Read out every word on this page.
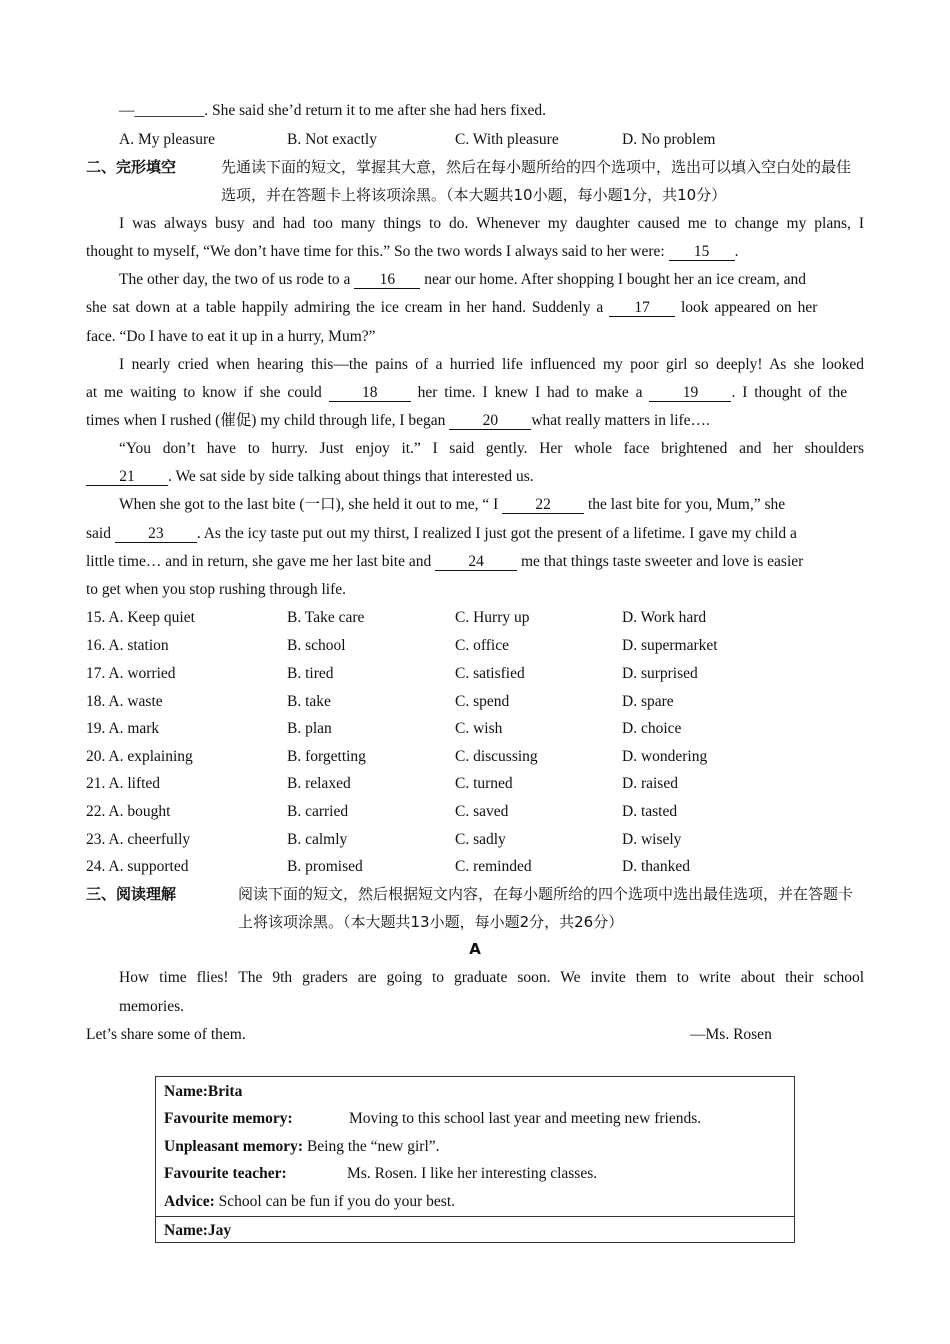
—_________. She said she’d return it to me after she had hers fixed.
A. My pleasure	B. Not exactly	C. With pleasure	D. No problem
二、完形填空	先通读下面的短文，掌握其大意，然后在每小题所给的四个选项中，选出可以填入空白处的最佳选项，并在答题卡上将该项涂黑。（本大题共10小题，每小题1分，共10分）
I was always busy and had too many things to do. Whenever my daughter caused me to change my plans, I
thought to myself, “We don’t have time for this.” So the two words I always said to her were: 15 .
The other day, the two of us rode to a 16 near our home. After shopping I bought her an ice cream, and
she sat down at a table happily admiring the ice cream in her hand. Suddenly a 17 look appeared on her
face. “Do I have to eat it up in a hurry, Mum?”
I nearly cried when hearing this—the pains of a hurried life influenced my poor girl so deeply! As she looked
at me waiting to know if she could	18	her time. I knew I had to make a	19 . I thought of the
times when I rushed (催促) my child through life, I began 20 what really matters in life….
“You don’t have to hurry. Just enjoy it.” I said gently. Her whole face brightened and her shoulders
21 . We sat side by side talking about things that interested us.
When she got to the last bite (一口), she held it out to me, “ I 22 the last bite for you, Mum,” she
said 23 . As the icy taste put out my thirst, I realized I just got the present of a lifetime. I gave my child a
little time… and in return, she gave me her last bite and 24 me that things taste sweeter and love is easier
to get when you stop rushing through life.
15. A. Keep quiet	B. Take care	C. Hurry up	D. Work hard
16. A. station	B. school	C. office	D. supermarket
17. A. worried	B. tired	C. satisfied	D. surprised
18. A. waste	B. take	C. spend	D. spare
19. A. mark	B. plan	C. wish	D. choice
20. A. explaining	B. forgetting	C. discussing	D. wondering
21. A. lifted	B. relaxed	C. turned	D. raised
22. A. bought	B. carried	C. saved	D. tasted
23. A. cheerfully	B. calmly	C. sadly	D. wisely
24. A. supported	B. promised	C. reminded	D. thanked
三、阅读理解	阅读下面的短文，然后根据短文内容，在每小题所给的四个选项中选出最佳选项，并在答题卡上将该项涂黑。（本大题共13小题，每小题2分，共26分）
A
How time flies! The 9th graders are going to graduate soon. We invite them to write about their school
memories.
Let’s share some of them.	—Ms. Rosen
Name:Brita
Favourite memory:	Moving to this school last year and meeting new friends.
Unpleasant memory: Being the “new girl”.
Favourite teacher:	Ms. Rosen. I like her interesting classes.
Advice: School can be fun if you do your best.
Name:Jay
